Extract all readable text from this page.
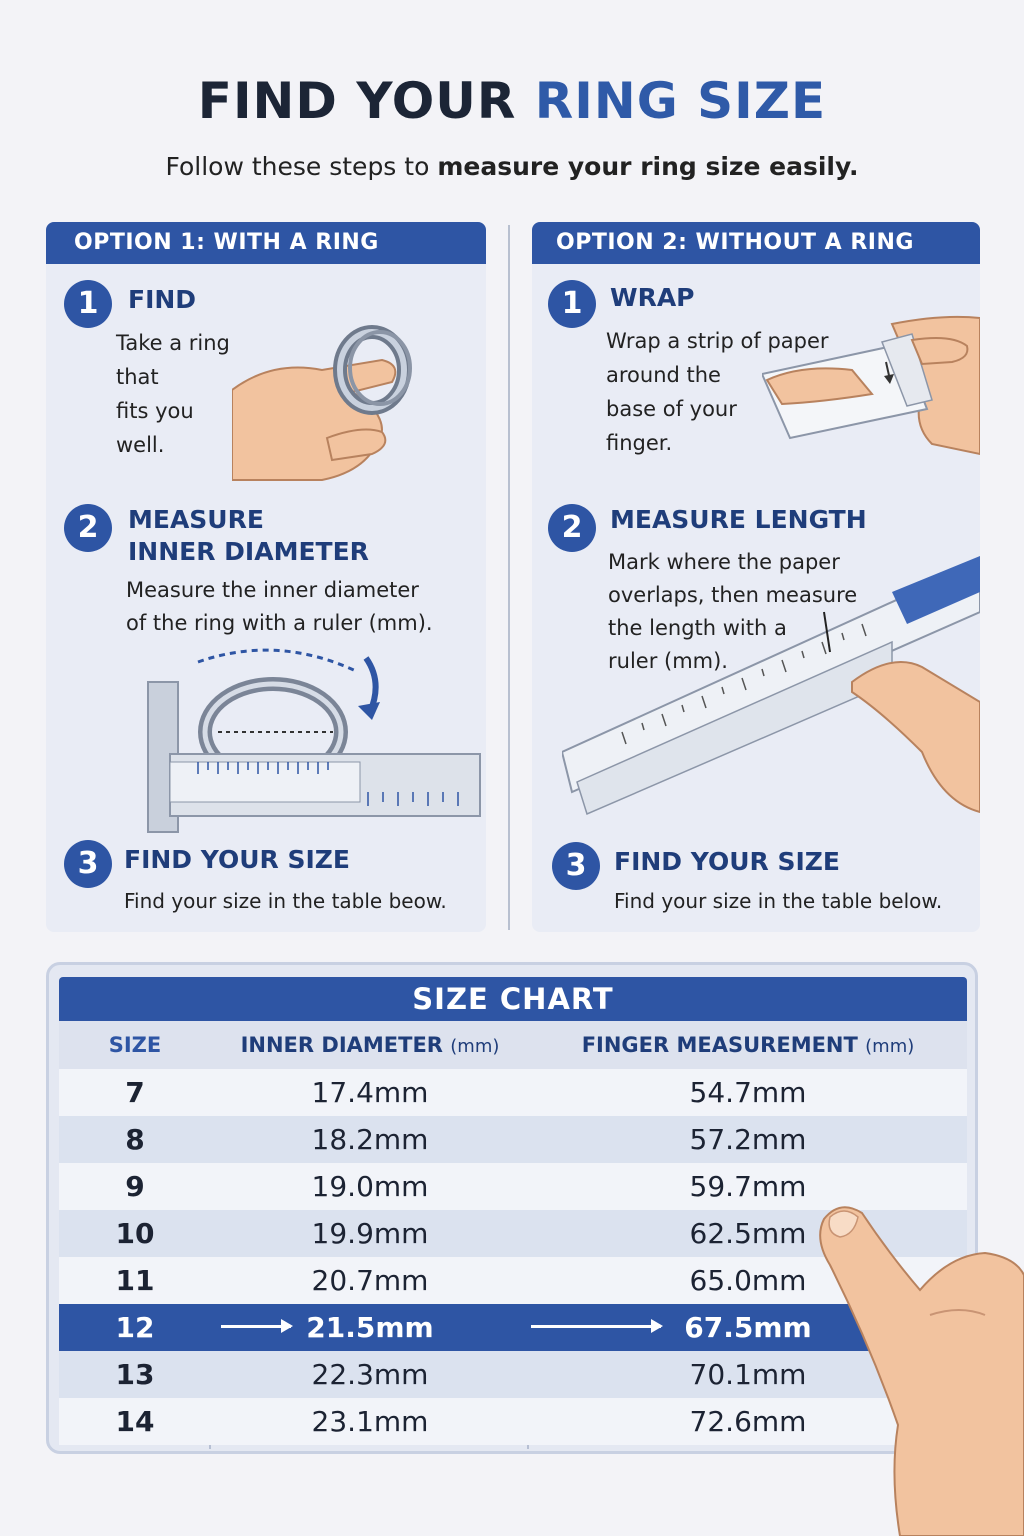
FIND YOUR RING SIZE
Follow these steps to measure your ring size easily.
OPTION 1: WITH A RING
1	FIND
Take a ring
that
fits you
well.
2	MEASURE
INNER DIAMETER
Measure the inner diameter
of the ring with a ruler (mm).
3	FIND YOUR SIZE
Find your size in the table beow.
OPTION 2: WITHOUT A RING
1	WRAP
Wrap a strip of paper
around the
base of your
finger.
2	MEASURE LENGTH
Mark where the paper
overlaps, then measure
the length with a
ruler (mm).
3	FIND YOUR SIZE
Find your size in the table below.
SIZE CHART
SIZE	INNER DIAMETER (mm)	FINGER MEASUREMENT (mm)
7	17.4mm	54.7mm
8	18.2mm	57.2mm
9	19.0mm	59.7mm
10	19.9mm	62.5mm
11	20.7mm	65.0mm
12	21.5mm	67.5mm
13	22.3mm	70.1mm
14	23.1mm	72.6mm
